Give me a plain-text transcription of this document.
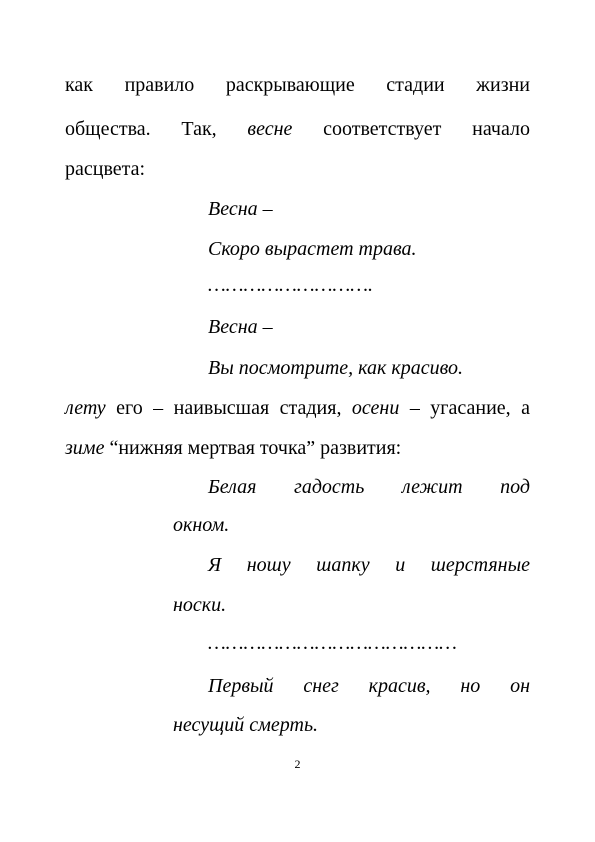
как правило раскрывающие стадии жизни
общества. Так, весне соответствует начало
расцвета:
Весна –
Скоро вырастет трава.
……………………….
Весна –
Вы посмотрите, как красиво.
лету его – наивысшая стадия, осени – угасание, а
зиме “нижняя мертвая точка” развития:
Белая гадость лежит под
окном.
Я ношу шапку и шерстяные
носки.
……………………………………
Первый снег красив, но он
несущий смерть.
2
